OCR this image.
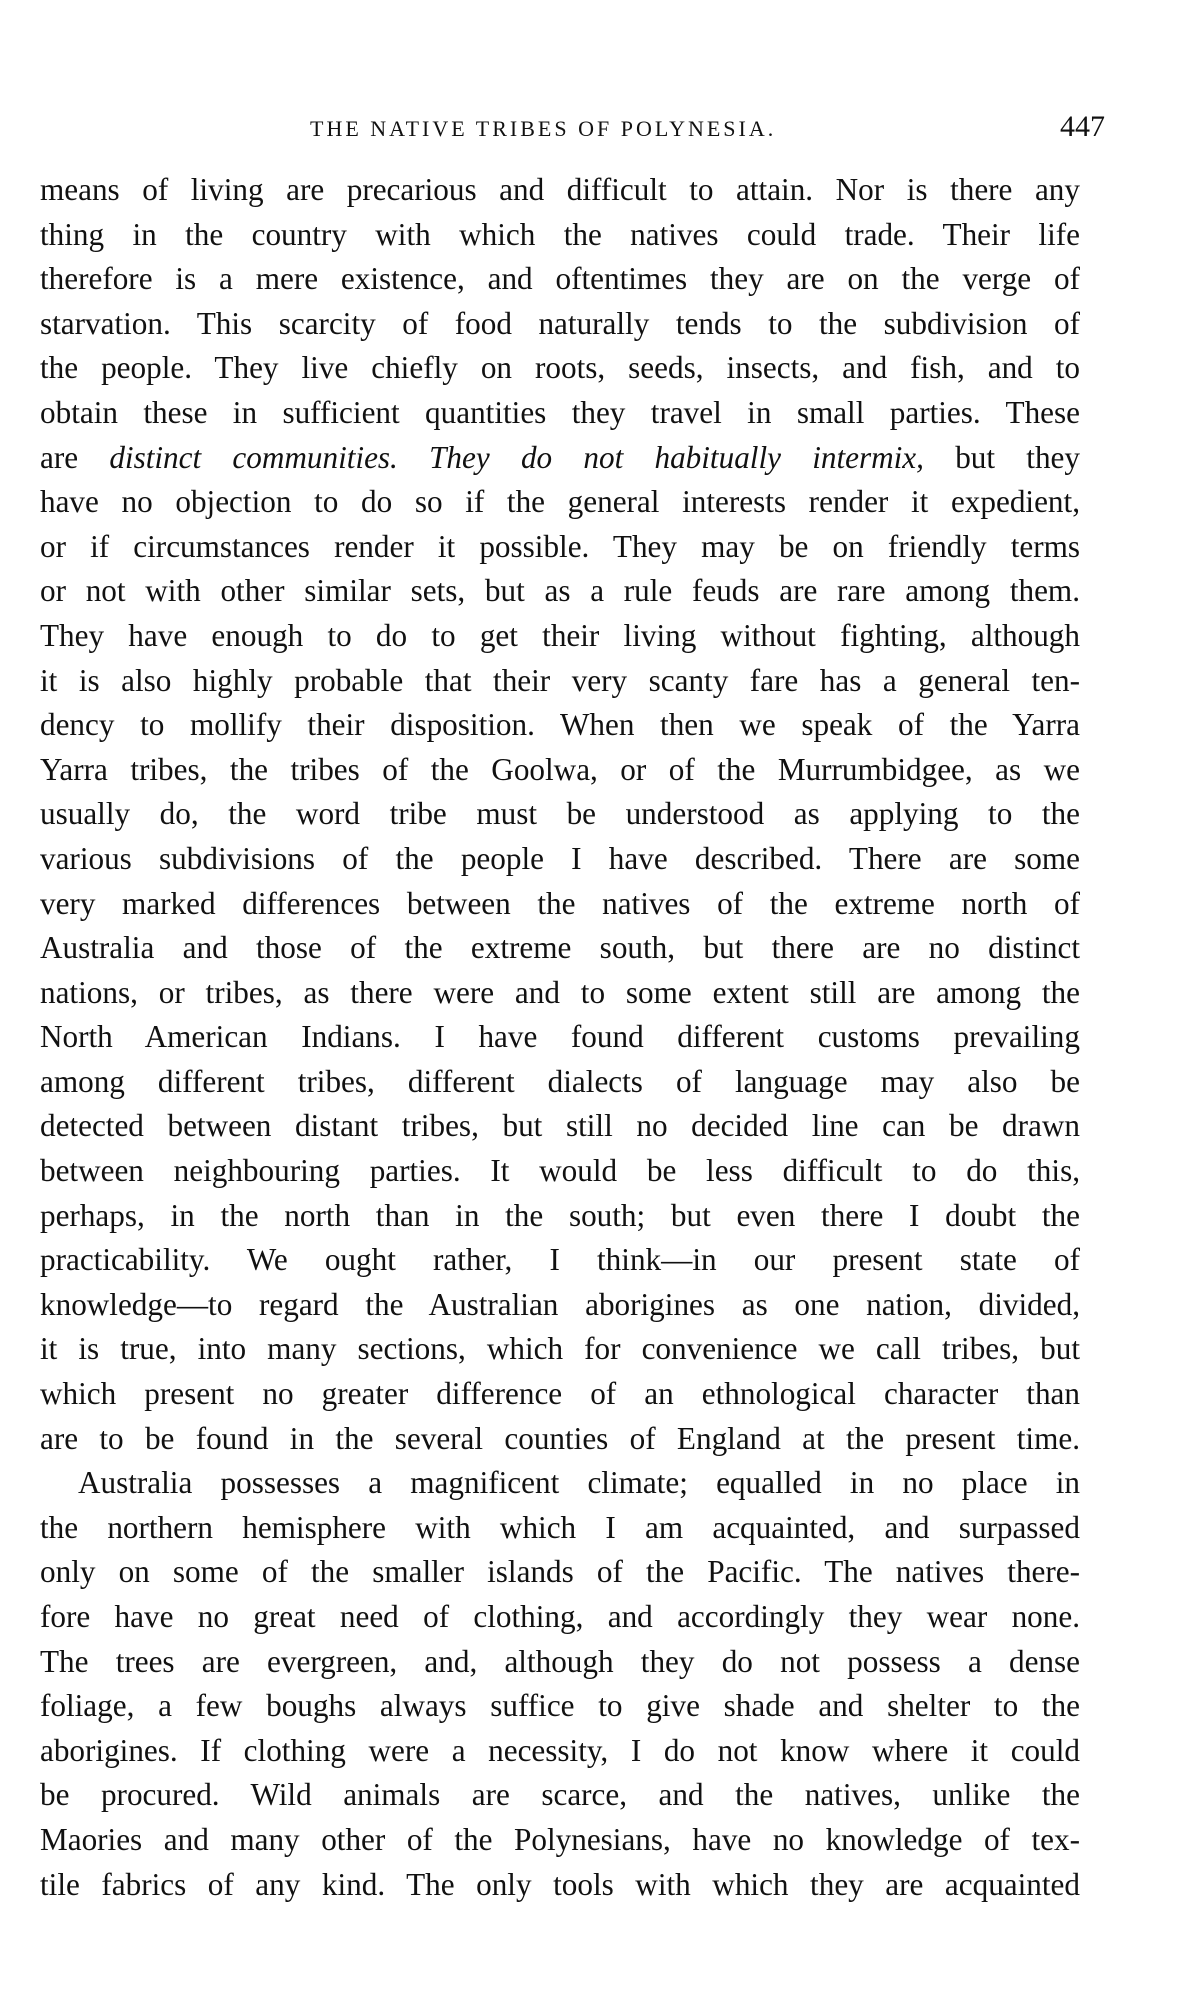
THE NATIVE TRIBES OF POLYNESIA.	447
means of living are precarious and difficult to attain. Nor is there any
thing in the country with which the natives could trade. Their life
therefore is a mere existence, and oftentimes they are on the verge of
starvation. This scarcity of food naturally tends to the subdivision of
the people. They live chiefly on roots, seeds, insects, and fish, and to
obtain these in sufficient quantities they travel in small parties. These
are distinct communities. They do not habitually intermix, but they
have no objection to do so if the general interests render it expedient,
or if circumstances render it possible. They may be on friendly terms
or not with other similar sets, but as a rule feuds are rare among them.
They have enough to do to get their living without fighting, although
it is also highly probable that their very scanty fare has a general ten-
dency to mollify their disposition. When then we speak of the Yarra
Yarra tribes, the tribes of the Goolwa, or of the Murrumbidgee, as we
usually do, the word tribe must be understood as applying to the
various subdivisions of the people I have described. There are some
very marked differences between the natives of the extreme north of
Australia and those of the extreme south, but there are no distinct
nations, or tribes, as there were and to some extent still are among the
North American Indians. I have found different customs prevailing
among different tribes, different dialects of language may also be
detected between distant tribes, but still no decided line can be drawn
between neighbouring parties. It would be less difficult to do this,
perhaps, in the north than in the south; but even there I doubt the
practicability. We ought rather, I think—in our present state of
knowledge—to regard the Australian aborigines as one nation, divided,
it is true, into many sections, which for convenience we call tribes, but
which present no greater difference of an ethnological character than
are to be found in the several counties of England at the present time.
Australia possesses a magnificent climate; equalled in no place in
the northern hemisphere with which I am acquainted, and surpassed
only on some of the smaller islands of the Pacific. The natives there-
fore have no great need of clothing, and accordingly they wear none.
The trees are evergreen, and, although they do not possess a dense
foliage, a few boughs always suffice to give shade and shelter to the
aborigines. If clothing were a necessity, I do not know where it could
be procured. Wild animals are scarce, and the natives, unlike the
Maories and many other of the Polynesians, have no knowledge of tex-
tile fabrics of any kind. The only tools with which they are acquainted
